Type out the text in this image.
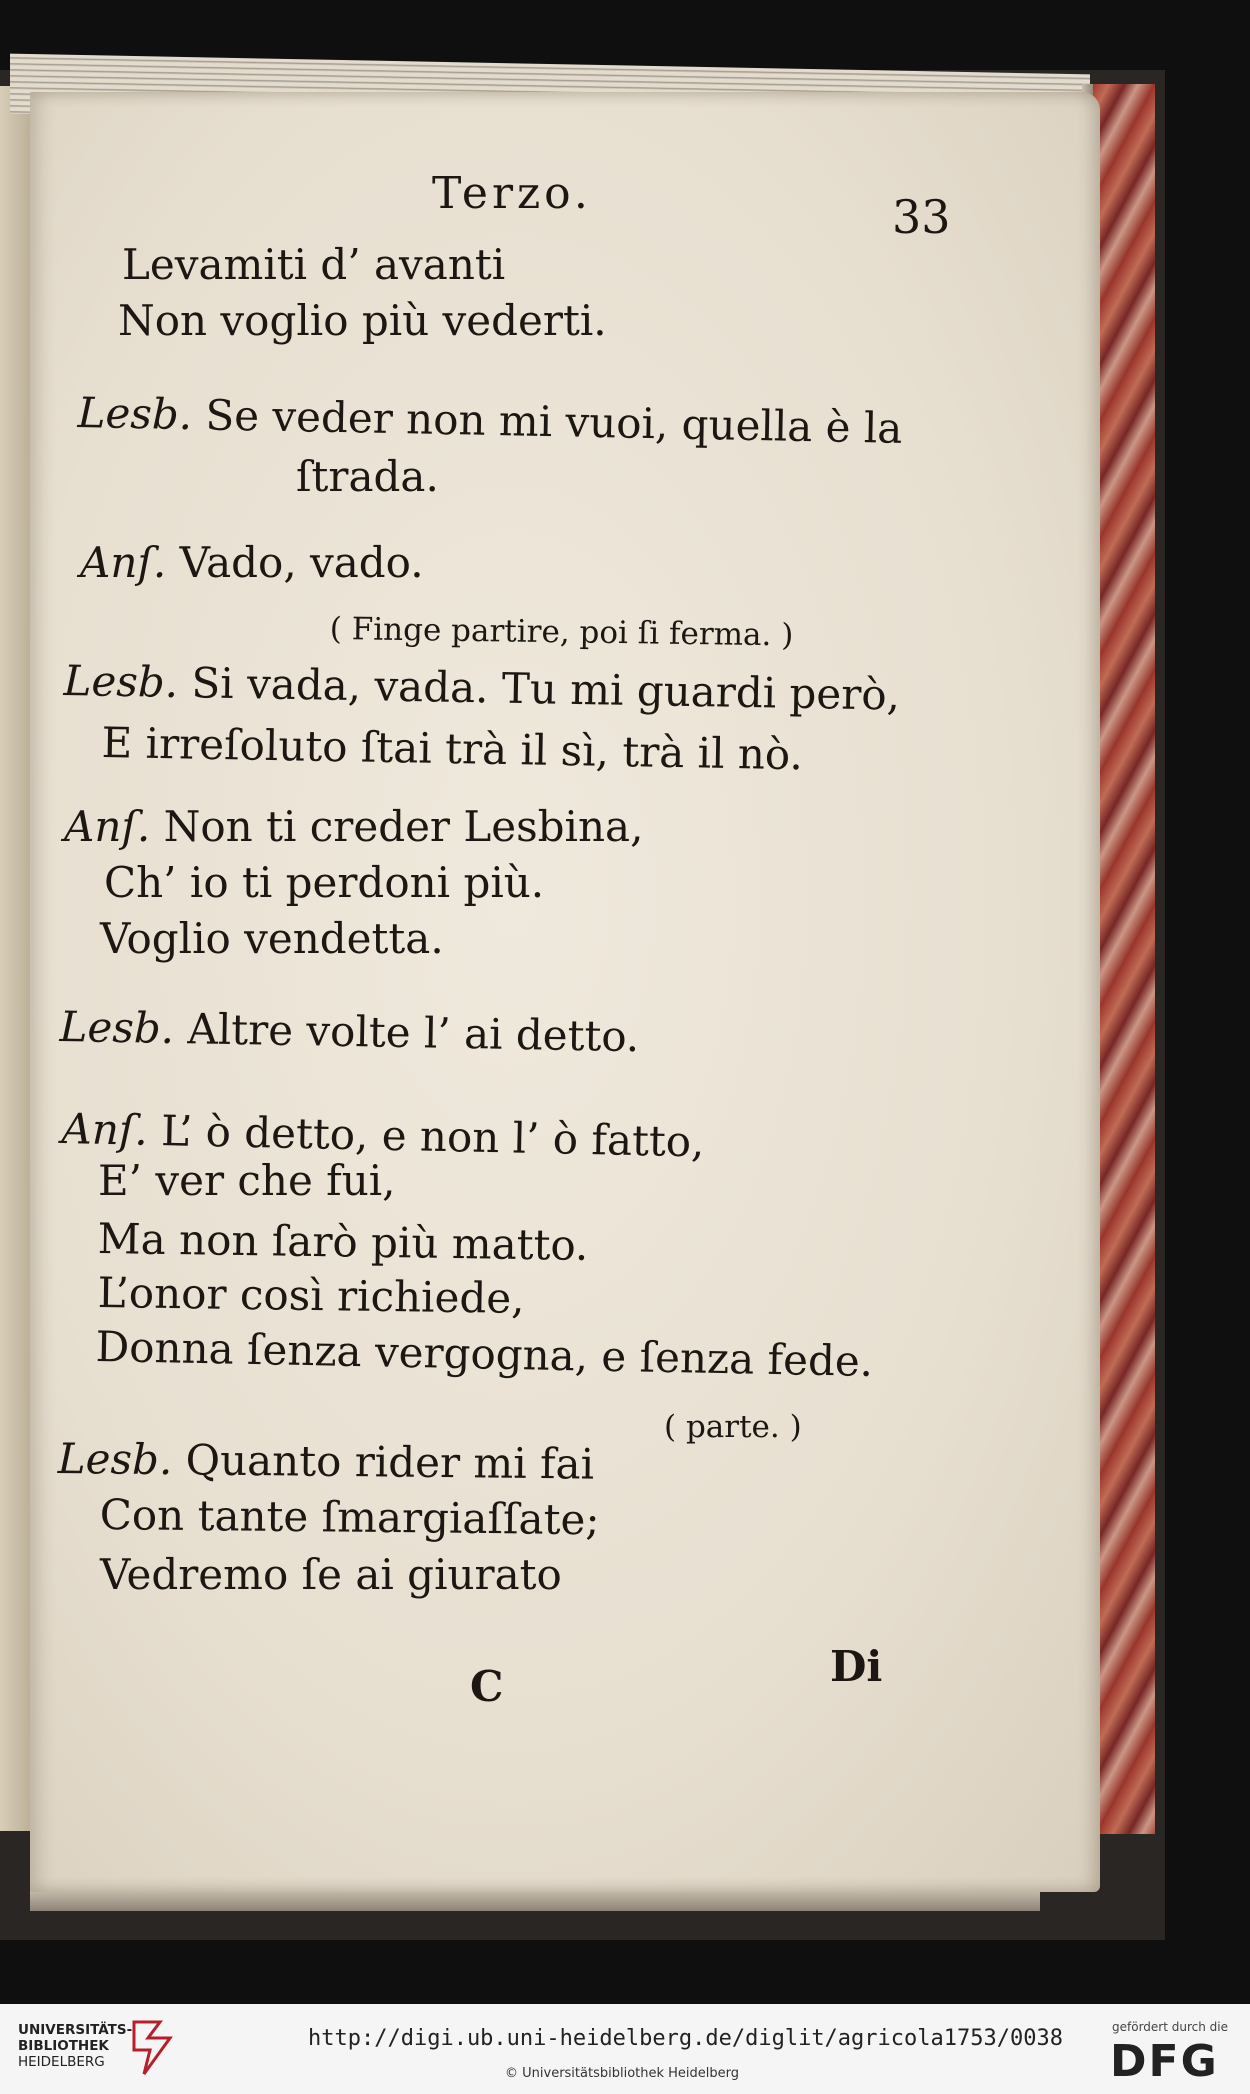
Terzo.	33
Levamiti d’ avanti
Non voglio più vederti.
Lesb. Se veder non mi vuoi, quella è la
ſtrada.
Anſ. Vado, vado.
( Finge partire, poi ſi ferma. )
Lesb. Si vada, vada. Tu mi guardi però,
E irreſoluto ſtai trà il sì, trà il nò.
Anſ. Non ti creder Lesbina,
Ch’ io ti perdoni più.
Voglio vendetta.
Lesb. Altre volte l’ ai detto.
Anſ. L’ ò detto, e non l’ ò fatto,
E’ ver che fui,
Ma non ſarò più matto.
L’onor così richiede,
Donna ſenza vergogna, e ſenza fede.
( parte. )
Lesb. Quanto rider mi fai
Con tante ſmargiaſſate;
Vedremo ſe ai giurato
C	Di
UNIVERSITÄTS-
BIBLIOTHEK
HEIDELBERG
http://digi.ub.uni-heidelberg.de/diglit/agricola1753/0038
© Universitätsbibliothek Heidelberg
gefördert durch die
DFG
